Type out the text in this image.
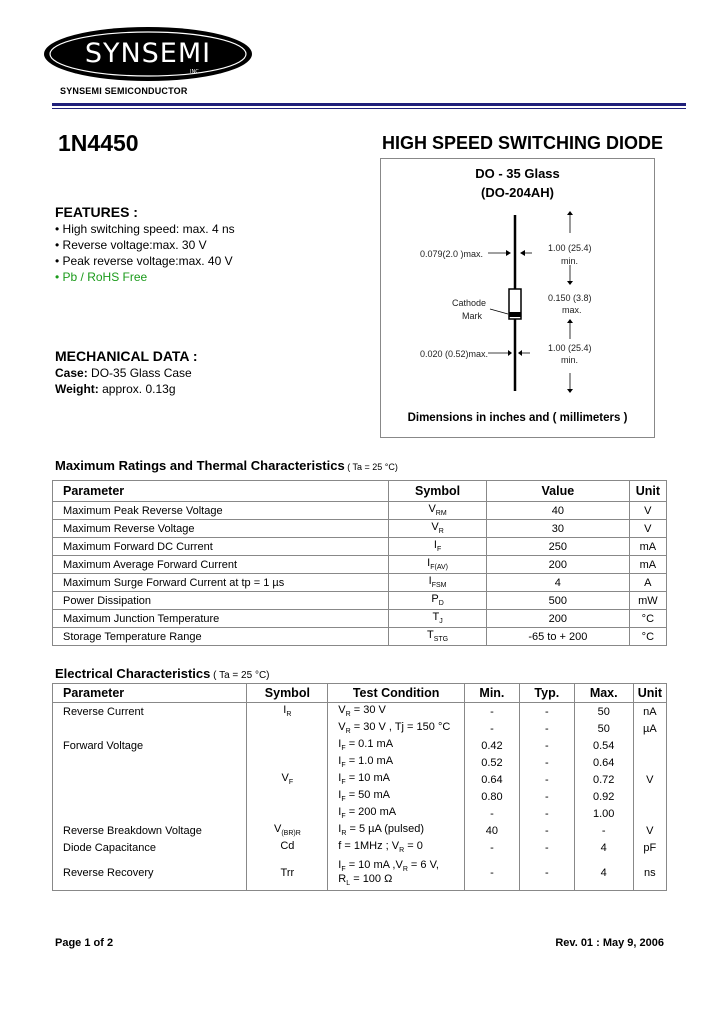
SYNSEMI
INC.
SYNSEMI SEMICONDUCTOR
1N4450	HIGH SPEED SWITCHING DIODE
FEATURES :
• High switching speed: max. 4 ns
• Reverse voltage:max. 30 V
• Peak reverse voltage:max. 40 V
• Pb / RoHS Free
MECHANICAL DATA :
Case: DO-35 Glass Case
Weight: approx. 0.13g
DO - 35 Glass
(DO-204AH)
0.079(2.0 )max.
1.00 (25.4)
min.
0.150 (3.8)
max.
Cathode
Mark
0.020 (0.52)max.
1.00 (25.4)
min.
Dimensions in inches and ( millimeters )
Maximum Ratings and Thermal Characteristics ( Ta = 25 °C)
Parameter	Symbol	Value	Unit
Maximum Peak Reverse Voltage	$V_{RM}$	40	V
Maximum Reverse Voltage	$V_R$	30	V
Maximum Forward DC Current	$I_F$	250	mA
Maximum Average Forward Current	$I_{F(AV)}$	200	mA
Maximum Surge Forward Current at tp = 1 µs	$I_{FSM}$	4	A
Power Dissipation	$P_D$	500	mW
Maximum Junction Temperature	$T_J$	200	°C
Storage Temperature Range	$T_{STG}$	-65 to + 200	°C
Electrical Characteristics ( Ta = 25 °C)
Parameter	Symbol	Test Condition	Min.	Typ.	Max.	Unit
Reverse Current	$I_R$	$V_R = 30$ V	-	-	50	nA
		$V_R = 30$ V , Tj = 150 °C	-	-	50	µA
Forward Voltage		$I_F = 0.1$ mA	0.42	-	0.54	
		$I_F = 1.0$ mA	0.52	-	0.64	
	$V_F$	$I_F = 10$ mA	0.64	-	0.72	V
		$I_F = 50$ mA	0.80	-	0.92	
		$I_F = 200$ mA	-	-	1.00	
Reverse Breakdown Voltage	$V_{(BR)R}$	$I_R = 5$ µA (pulsed)	40	-	-	V
Diode Capacitance	Cd	f = 1MHz ; $V_R = 0$	-	-	4	pF
Reverse Recovery	Trr	$I_F = 10$ mA $,V_R = 6$ V,
$R_L = 100$ Ω	-	-	4	ns
Page 1 of 2	Rev. 01 : May 9, 2006
